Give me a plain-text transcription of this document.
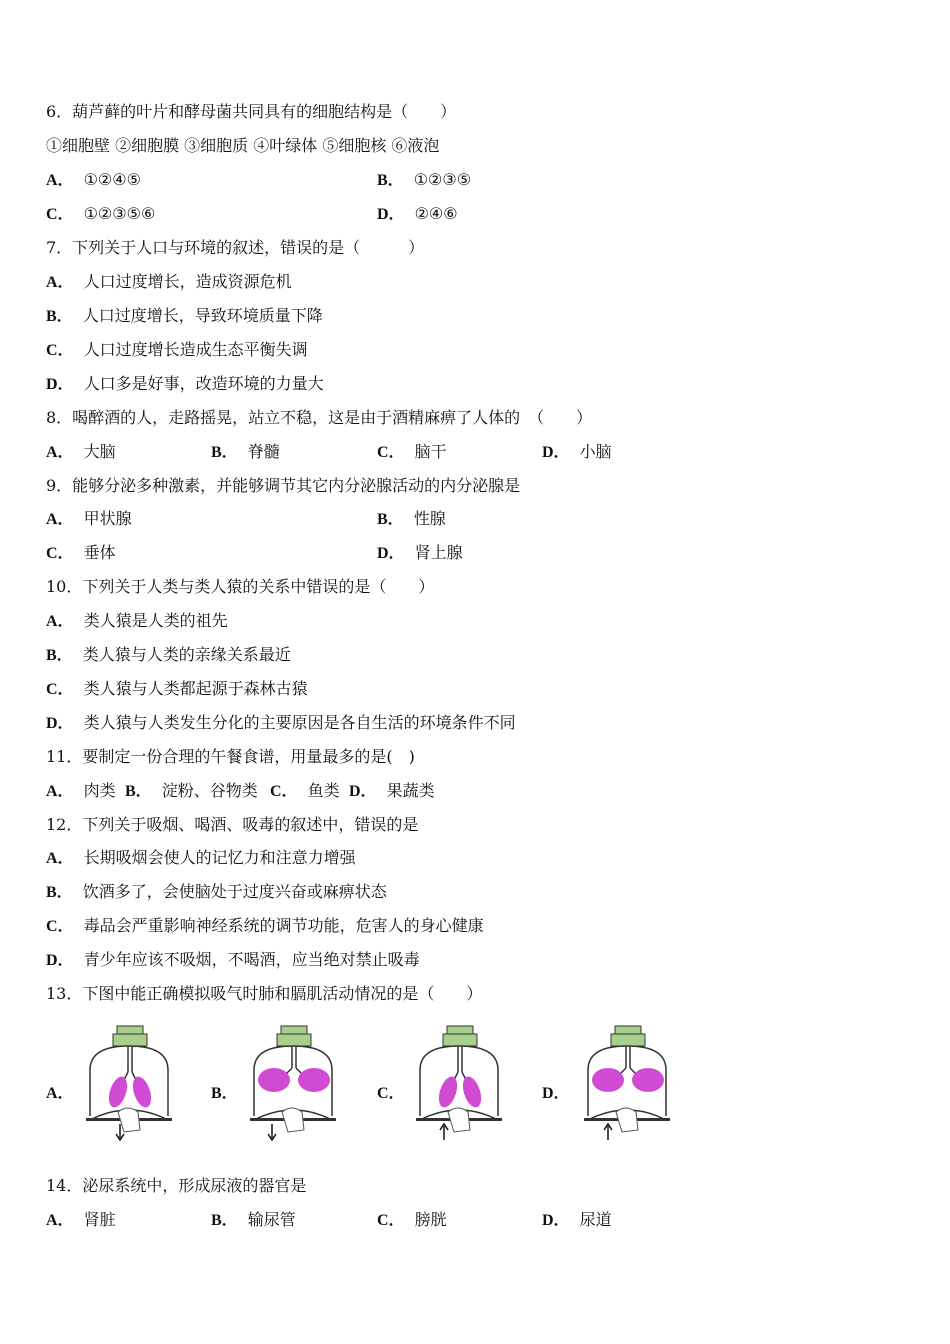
6．葫芦藓的叶片和酵母菌共同具有的细胞结构是（　　）
①细胞壁 ②细胞膜 ③细胞质 ④叶绿体 ⑤细胞核 ⑥液泡
A． ①②④⑤	B． ①②③⑤
C． ①②③⑤⑥	D． ②④⑥
7．下列关于人口与环境的叙述，错误的是（　　　）
A． 人口过度增长，造成资源危机
B． 人口过度增长，导致环境质量下降
C． 人口过度增长造成生态平衡失调
D． 人口多是好事，改造环境的力量大
8．喝醉酒的人，走路摇晃，站立不稳，这是由于酒精麻痹了人体的　（　　）
A． 大脑	B． 脊髓	C． 脑干	D． 小脑
9．能够分泌多种激素，并能够调节其它内分泌腺活动的内分泌腺是
A． 甲状腺	B． 性腺
C． 垂体	D． 肾上腺
10．下列关于人类与类人猿的关系中错误的是（　　）
A． 类人猿是人类的祖先
B． 类人猿与人类的亲缘关系最近
C． 类人猿与人类都起源于森林古猿
D． 类人猿与人类发生分化的主要原因是各自生活的环境条件不同
11．要制定一份合理的午餐食谱，用量最多的是(　)
A． 肉类 B． 淀粉、谷物类 C． 鱼类 D． 果蔬类
12．下列关于吸烟、喝酒、吸毒的叙述中，错误的是
A． 长期吸烟会使人的记忆力和注意力增强
B． 饮酒多了，会使脑处于过度兴奋或麻痹状态
C． 毒品会严重影响神经系统的调节功能，危害人的身心健康
D． 青少年应该不吸烟，不喝酒，应当绝对禁止吸毒
13．下图中能正确模拟吸气时肺和膈肌活动情况的是（　　）
A．	B．	C．	D．
14．泌尿系统中，形成尿液的器官是
A． 肾脏	B． 输尿管	C． 膀胱	D． 尿道
